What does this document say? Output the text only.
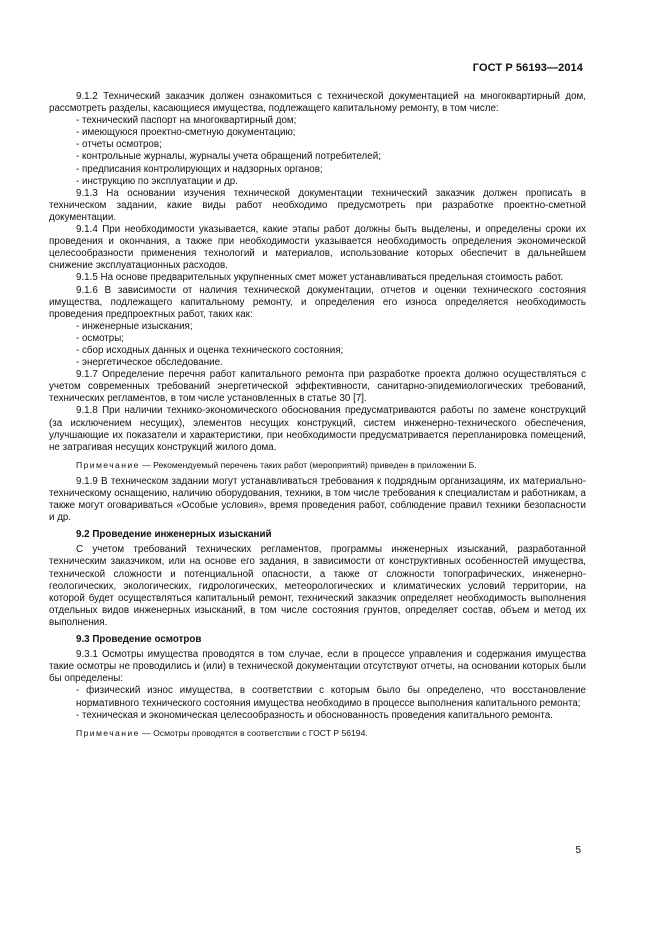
ГОСТ Р 56193—2014

9.1.2 Технический заказчик должен ознакомиться с технической документацией на многоквартирный дом, рассмотреть разделы, касающиеся имущества, подлежащего капитальному ремонту, в том числе:

- технический паспорт на многоквартирный дом;

- имеющуюся проектно-сметную документацию;

- отчеты осмотров;

- контрольные журналы, журналы учета обращений потребителей;

- предписания контролирующих и надзорных органов;

- инструкцию по эксплуатации и др.

9.1.3 На основании изучения технической документации технический заказчик должен прописать в техническом задании, какие виды работ необходимо предусмотреть при разработке проектно-сметной документации.

9.1.4 При необходимости указывается, какие этапы работ должны быть выделены, и определены сроки их проведения и окончания, а также при необходимости указывается необходимость определения экономической целесообразности применения технологий и материалов, использование которых обеспечит в дальнейшем снижение эксплуатационных расходов.

9.1.5 На основе предварительных укрупненных смет может устанавливаться предельная стоимость работ.

9.1.6 В зависимости от наличия технической документации, отчетов и оценки технического состояния имущества, подлежащего капитальному ремонту, и определения его износа определяется необходимость проведения предпроектных работ, таких как:

- инженерные изыскания;

- осмотры;

- сбор исходных данных и оценка технического состояния;

- энергетическое обследование.

9.1.7 Определение перечня работ капитального ремонта при разработке проекта должно осуществляться с учетом современных требований энергетической эффективности, санитарно-эпидемиологических требований, технических регламентов, в том числе установленных в статье 30 [7].

9.1.8 При наличии технико-экономического обоснования предусматриваются работы по замене конструкций (за исключением несущих), элементов несущих конструкций, систем инженерно-технического обеспечения, улучшающие их показатели и характеристики, при необходимости предусматривается перепланировка помещений, не затрагивая несущих конструкций жилого дома.

Примечание — Рекомендуемый перечень таких работ (мероприятий) приведен в приложении Б.

9.1.9 В техническом задании могут устанавливаться требования к подрядным организациям, их материально-техническому оснащению, наличию оборудования, техники, в том числе требования к специалистам и работникам, а также могут оговариваться «Особые условия», время проведения работ, соблюдение правил техники безопасности и др.

9.2 Проведение инженерных изысканий

С учетом требований технических регламентов, программы инженерных изысканий, разработанной техническим заказчиком, или на основе его задания, в зависимости от конструктивных особенностей имущества, технической сложности и потенциальной опасности, а также от сложности топографических, инженерно-геологических, экологических, гидрологических, метеорологических и климатических условий территории, на которой будет осуществляться капитальный ремонт, технический заказчик определяет необходимость выполнения отдельных видов инженерных изысканий, в том числе состояния грунтов, определяет состав, объем и метод их выполнения.

9.3 Проведение осмотров

9.3.1 Осмотры имущества проводятся в том случае, если в процессе управления и содержания имущества такие осмотры не проводились и (или) в технической документации отсутствуют отчеты, на основании которых были бы определены:

- физический износ имущества, в соответствии с которым было бы определено, что восстановление нормативного технического состояния имущества необходимо в процессе выполнения капитального ремонта;

- техническая и экономическая целесообразность и обоснованность проведения капитального ремонта.

Примечание — Осмотры проводятся в соответствии с ГОСТ Р 56194.

5
